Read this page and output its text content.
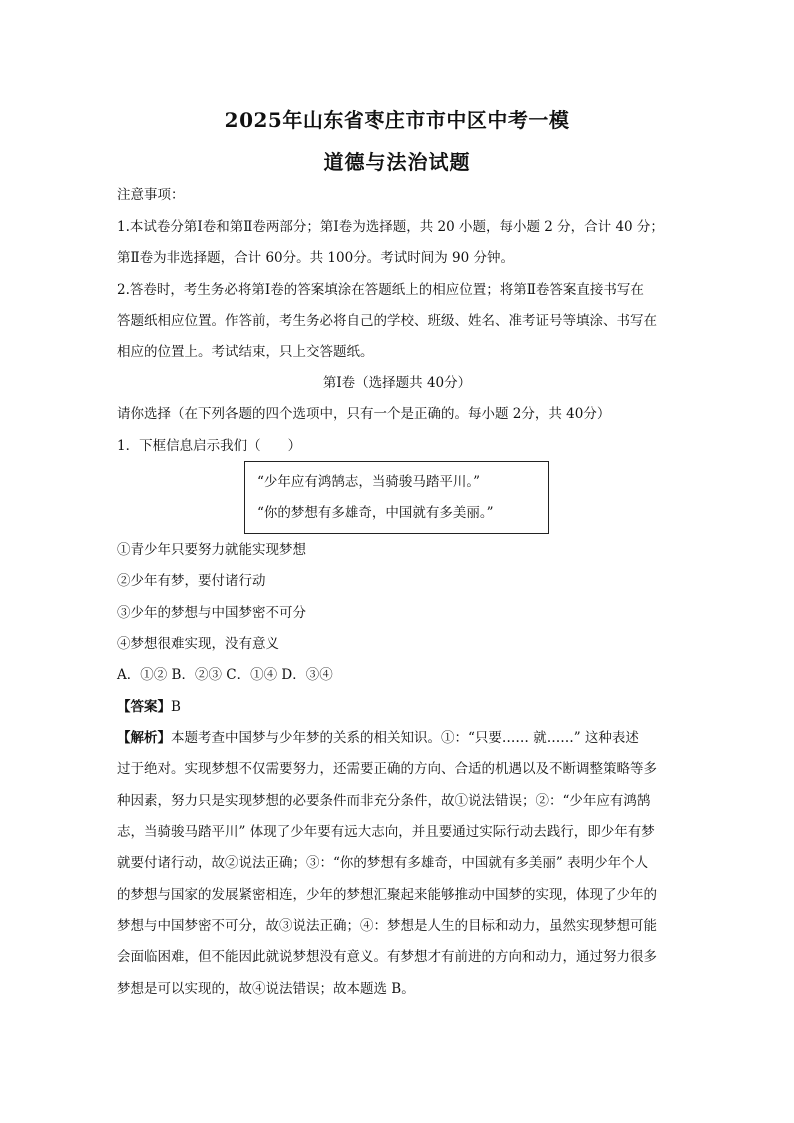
2025年山东省枣庄市市中区中考一模
道德与法治试题
注意事项：
1.本试卷分第Ⅰ卷和第Ⅱ卷两部分；第Ⅰ卷为选择题，共 20 小题，每小题 2 分，合计 40 分；
第Ⅱ卷为非选择题，合计 60分。共 100分。考试时间为 90 分钟。
2.答卷时，考生务必将第Ⅰ卷的答案填涂在答题纸上的相应位置；将第Ⅱ卷答案直接书写在
答题纸相应位置。作答前，考生务必将自己的学校、班级、姓名、准考证号等填涂、书写在
相应的位置上。考试结束，只上交答题纸。
第Ⅰ卷（选择题共 40分）
请你选择（在下列各题的四个选项中，只有一个是正确的。每小题 2分，共 40分）
1．下框信息启示我们（　　）
“少年应有鸿鹄志，当骑骏马踏平川。”
“你的梦想有多雄奇，中国就有多美丽。”
①青少年只要努力就能实现梦想
②少年有梦，要付诸行动
③少年的梦想与中国梦密不可分
④梦想很难实现，没有意义
A．①② B．②③ C．①④ D．③④
【答案】B
【解析】本题考查中国梦与少年梦的关系的相关知识。①：“只要…… 就……” 这种表述
过于绝对。实现梦想不仅需要努力，还需要正确的方向、合适的机遇以及不断调整策略等多
种因素，努力只是实现梦想的必要条件而非充分条件，故①说法错误；②：“少年应有鸿鹄
志，当骑骏马踏平川” 体现了少年要有远大志向，并且要通过实际行动去践行，即少年有梦
就要付诸行动，故②说法正确；③：“你的梦想有多雄奇，中国就有多美丽” 表明少年个人
的梦想与国家的发展紧密相连，少年的梦想汇聚起来能够推动中国梦的实现，体现了少年的
梦想与中国梦密不可分，故③说法正确；④：梦想是人生的目标和动力，虽然实现梦想可能
会面临困难，但不能因此就说梦想没有意义。有梦想才有前进的方向和动力，通过努力很多
梦想是可以实现的，故④说法错误；故本题选 B。
